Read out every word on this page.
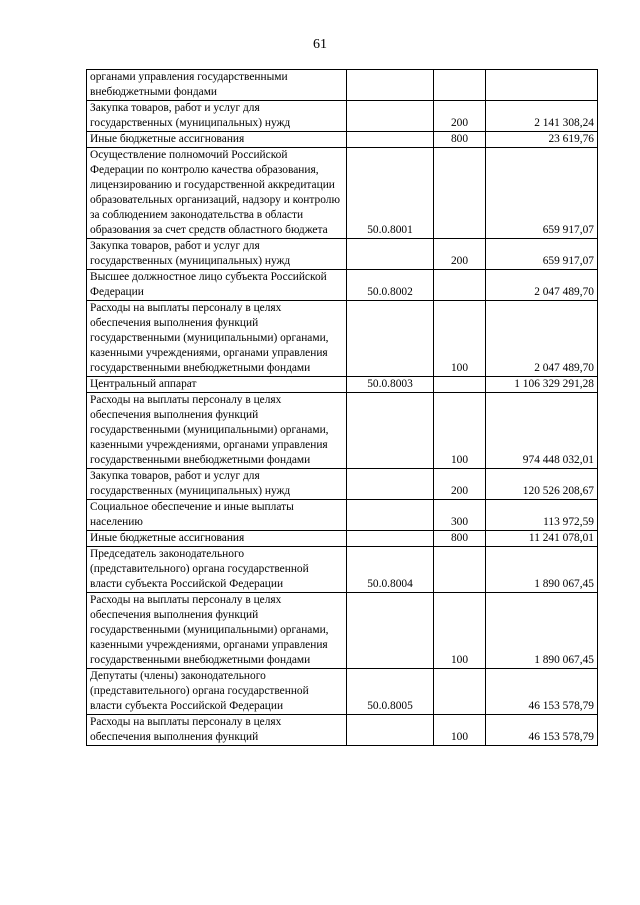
61
органами управления государственными внебюджетными фондами			
Закупка товаров, работ и услуг для государственных (муниципальных) нужд		200	2 141 308,24
Иные бюджетные ассигнования		800	23 619,76
Осуществление полномочий Российской Федерации по контролю качества образования, лицензированию и государственной аккредитации образовательных организаций, надзору и контролю за соблюдением законодательства в области образования за счет средств областного бюджета	50.0.8001		659 917,07
Закупка товаров, работ и услуг для государственных (муниципальных) нужд		200	659 917,07
Высшее должностное лицо субъекта Российской Федерации	50.0.8002		2 047 489,70
Расходы на выплаты персоналу в целях обеспечения выполнения функций государственными (муниципальными) органами, казенными учреждениями, органами управления государственными внебюджетными фондами		100	2 047 489,70
Центральный аппарат	50.0.8003		1 106 329 291,28
Расходы на выплаты персоналу в целях обеспечения выполнения функций государственными (муниципальными) органами, казенными учреждениями, органами управления государственными внебюджетными фондами		100	974 448 032,01
Закупка товаров, работ и услуг для государственных (муниципальных) нужд		200	120 526 208,67
Социальное обеспечение и иные выплаты населению		300	113 972,59
Иные бюджетные ассигнования		800	11 241 078,01
Председатель законодательного (представительного) органа государственной власти субъекта Российской Федерации	50.0.8004		1 890 067,45
Расходы на выплаты персоналу в целях обеспечения выполнения функций государственными (муниципальными) органами, казенными учреждениями, органами управления государственными внебюджетными фондами		100	1 890 067,45
Депутаты (члены) законодательного (представительного) органа государственной власти субъекта Российской Федерации	50.0.8005		46 153 578,79
Расходы на выплаты персоналу в целях обеспечения выполнения функций		100	46 153 578,79
